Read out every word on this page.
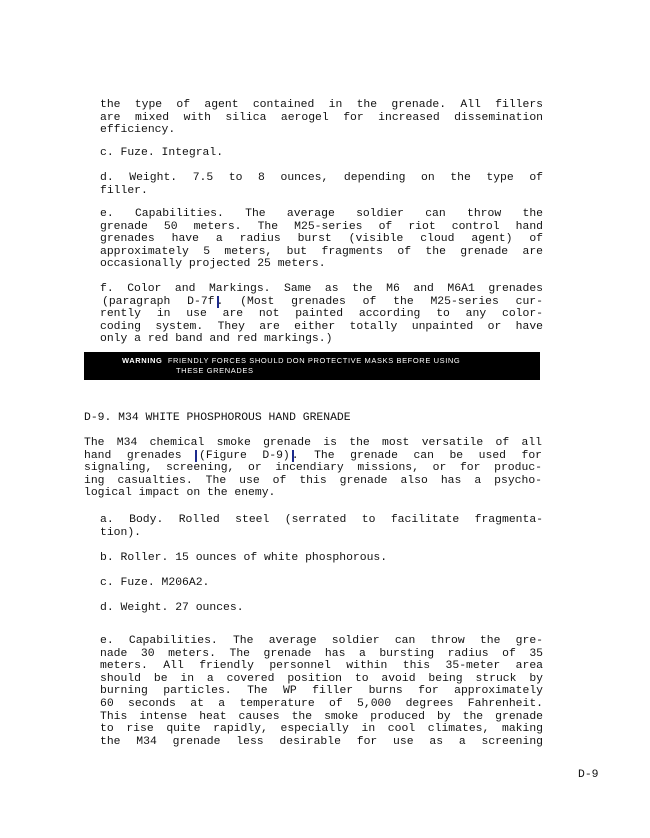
the type of agent contained in the grenade. All fillers
are mixed with silica aerogel for increased dissemination
efficiency.
c. Fuze. Integral.
d. Weight. 7.5 to 8 ounces, depending on the type of
filler.
e. Capabilities. The average soldier can throw the
grenade 50 meters. The M25-series of riot control hand
grenades have a radius burst (visible cloud agent) of
approximately 5 meters, but fragments of the grenade are
occasionally projected 25 meters.
f. Color and Markings. Same as the M6 and M6A1 grenades
(paragraph D-7f . (Most grenades of the M25-series cur-
rently in use are not painted according to any color-
coding system. They are either totally unpainted or have
only a red band and red markings.)
WARNING FRIENDLY FORCES SHOULD DON PROTECTIVE MASKS BEFORE USING
THESE GRENADES
D-9. M34 WHITE PHOSPHOROUS HAND GRENADE
The M34 chemical smoke grenade is the most versatile of all
hand grenades (Figure D-9) . The grenade can be used for
signaling, screening, or incendiary missions, or for produc-
ing casualties. The use of this grenade also has a psycho-
logical impact on the enemy.
a. Body. Rolled steel (serrated to facilitate fragmenta-
tion).
b. Roller. 15 ounces of white phosphorous.
c. Fuze. M206A2.
d. Weight. 27 ounces.
e. Capabilities. The average soldier can throw the gre-
nade 30 meters. The grenade has a bursting radius of 35
meters. All friendly personnel within this 35-meter area
should be in a covered position to avoid being struck by
burning particles. The WP filler burns for approximately
60 seconds at a temperature of 5,000 degrees Fahrenheit.
This intense heat causes the smoke produced by the grenade
to rise quite rapidly, especially in cool climates, making
the M34 grenade less desirable for use as a screening
D-9
